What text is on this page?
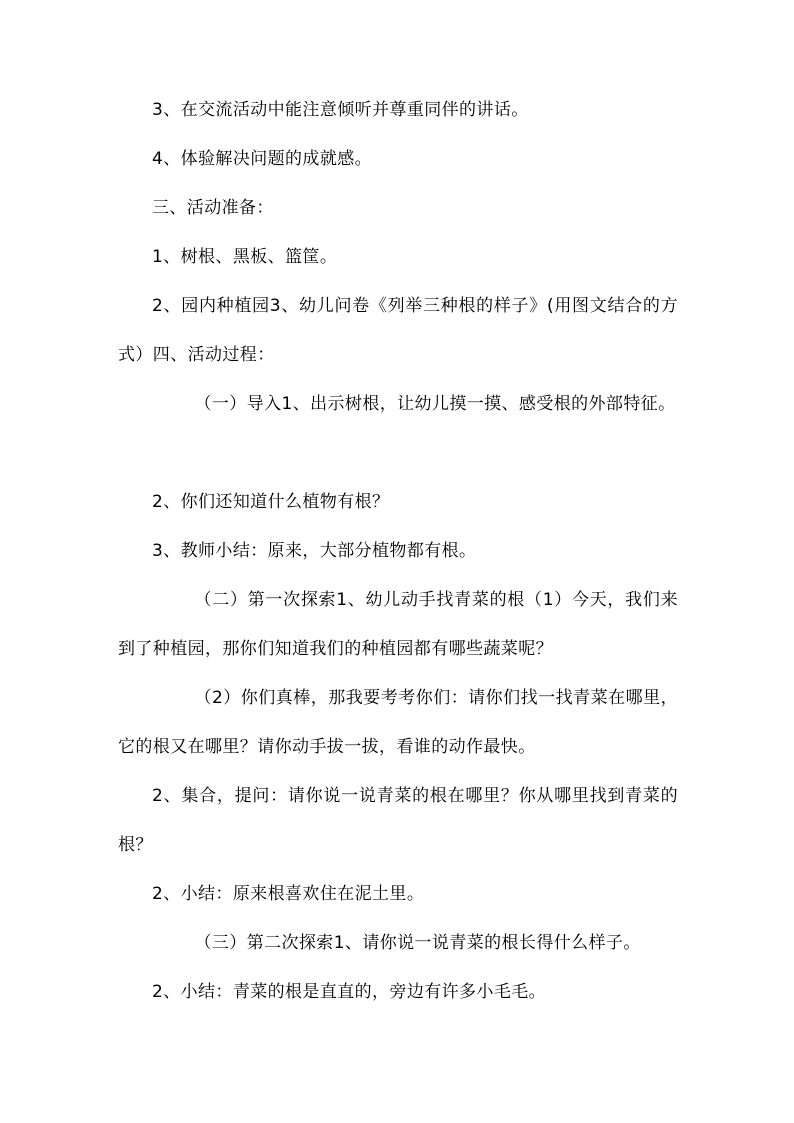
3、在交流活动中能注意倾听并尊重同伴的讲话。

4、体验解决问题的成就感。

三、活动准备：

1、树根、黑板、篮筐。

2、园内种植园3、幼儿问卷《列举三种根的样子》(用图文结合的方式）四、活动过程：

（一）导入1、出示树根，让幼儿摸一摸、感受根的外部特征。

2、你们还知道什么植物有根？

3、教师小结：原来，大部分植物都有根。

（二）第一次探索1、幼儿动手找青菜的根（1）今天，我们来到了种植园，那你们知道我们的种植园都有哪些蔬菜呢？

（2）你们真棒，那我要考考你们：请你们找一找青菜在哪里，它的根又在哪里？请你动手拔一拔，看谁的动作最快。

2、集合，提问：请你说一说青菜的根在哪里？你从哪里找到青菜的根？

2、小结：原来根喜欢住在泥土里。

（三）第二次探索1、请你说一说青菜的根长得什么样子。

2、小结：青菜的根是直直的，旁边有许多小毛毛。
